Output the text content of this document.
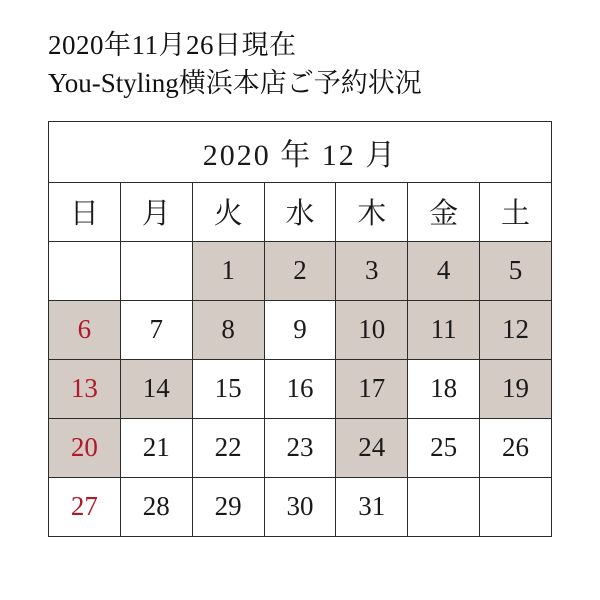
2020年11月26日現在
You-Styling横浜本店ご予約状況
2020 年 12 月						
日	月	火	水	木	金	土
		1	2	3	4	5
6	7	8	9	10	11	12
13	14	15	16	17	18	19
20	21	22	23	24	25	26
27	28	29	30	31		
